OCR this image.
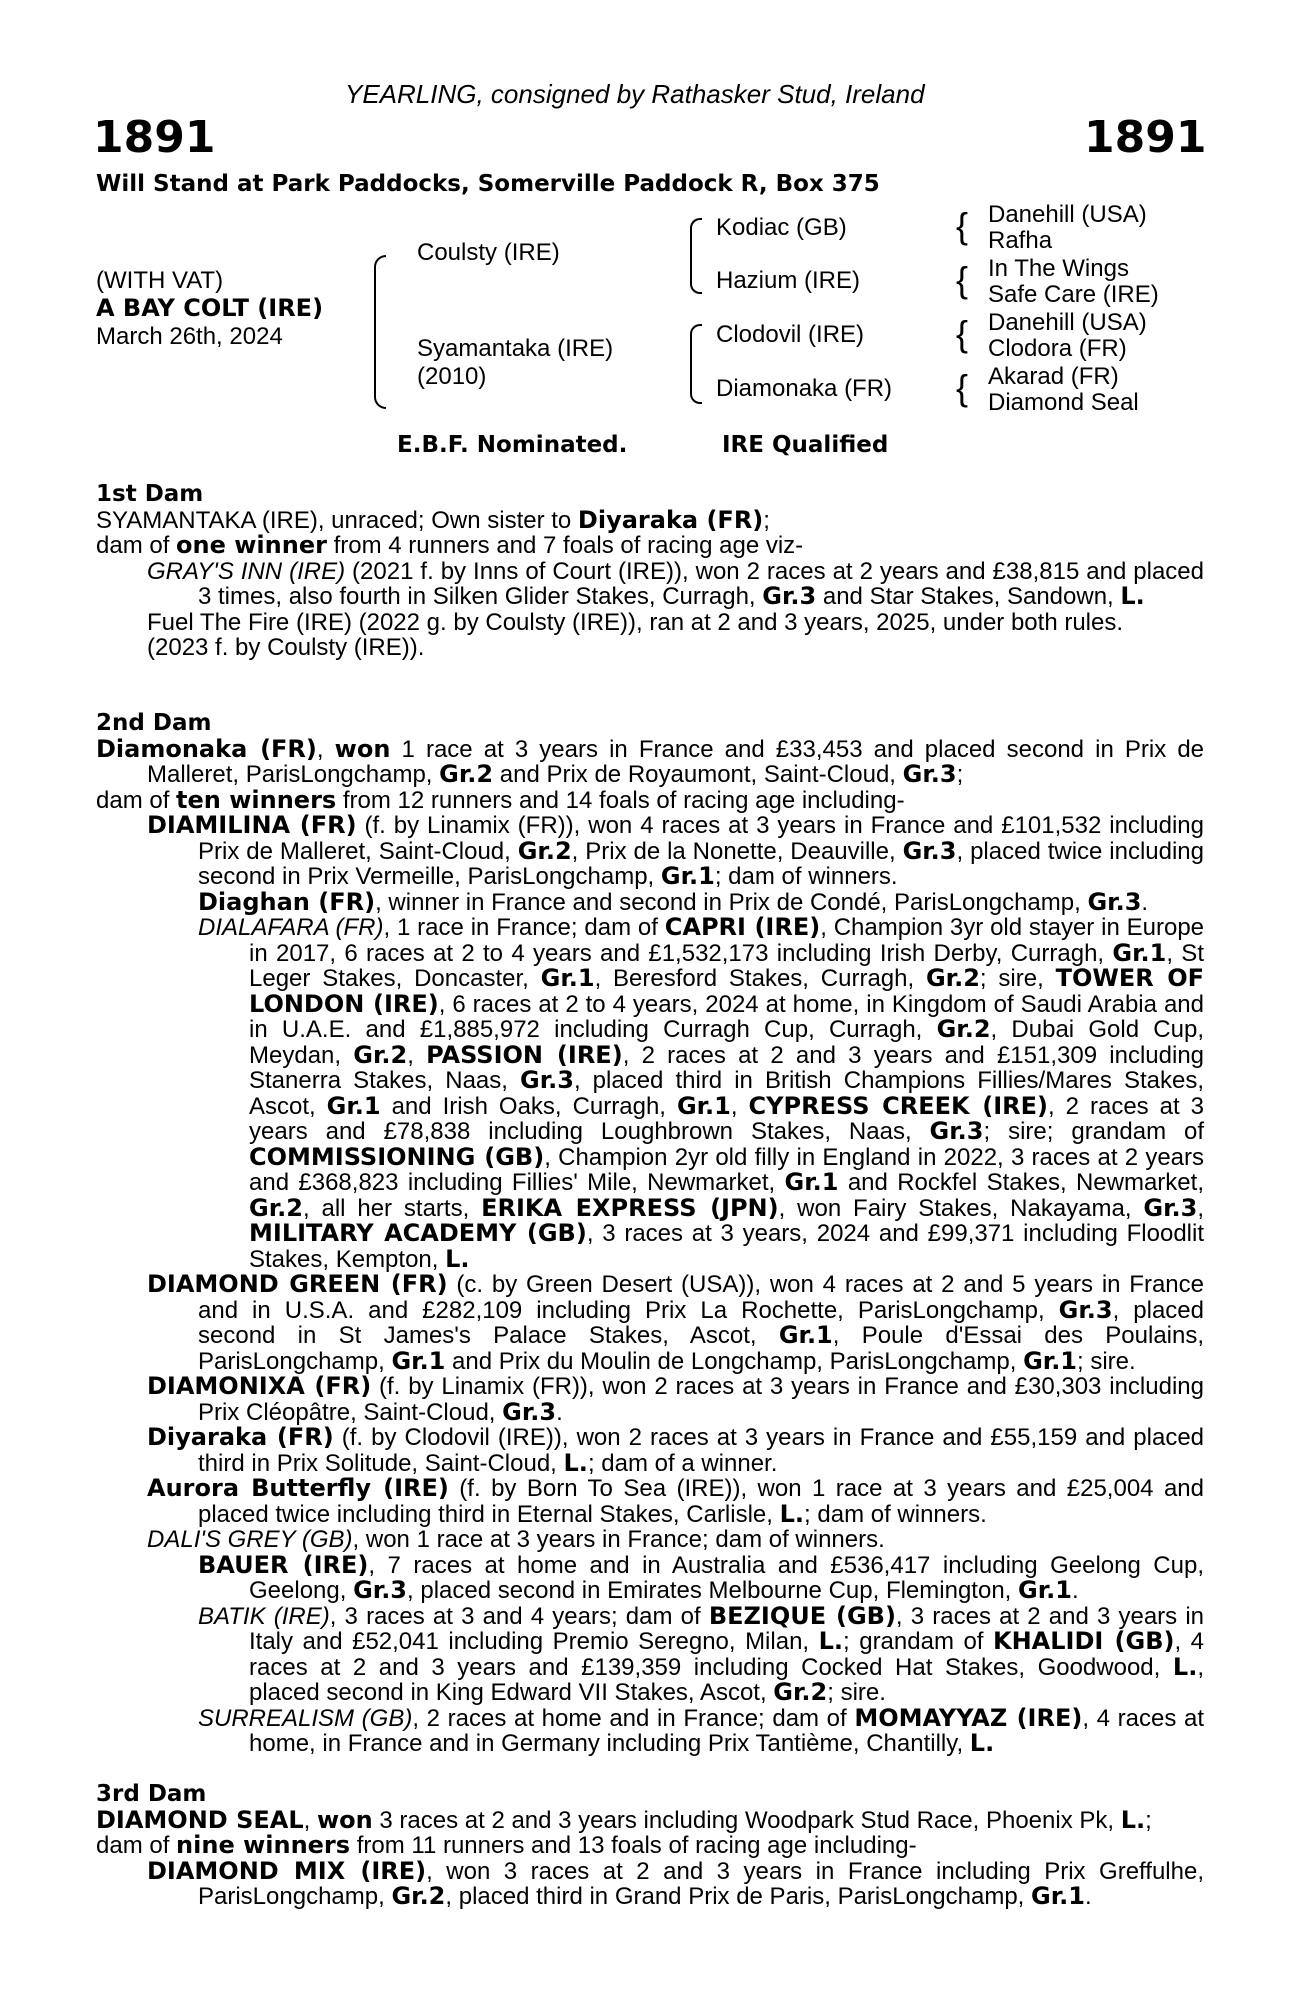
YEARLING, consigned by Rathasker Stud, Ireland
1891	1891
Will Stand at Park Paddocks, Somerville Paddock R, Box 375
(WITH VAT)
A BAY COLT (IRE)
March 26th, 2024
Coulsty (IRE)
Syamantaka (IRE)
(2010)
Kodiac (GB)
Hazium (IRE)
Clodovil (IRE)
Diamonaka (FR)
{ Danehill (USA)
Rafha
{ In The Wings
Safe Care (IRE)
{ Danehill (USA)
Clodora (FR)
{ Akarad (FR)
Diamond Seal
E.B.F. Nominated.	IRE Qualified

1st Dam

SYAMANTAKA (IRE), unraced; Own sister to Diyaraka (FR);

dam of one winner from 4 runners and 7 foals of racing age viz-

GRAY'S INN (IRE) (2021 f. by Inns of Court (IRE)), won 2 races at 2 years and £38,815 and placed 3 times, also fourth in Silken Glider Stakes, Curragh, Gr.3 and Star Stakes, Sandown, L.

Fuel The Fire (IRE) (2022 g. by Coulsty (IRE)), ran at 2 and 3 years, 2025, under both rules.

(2023 f. by Coulsty (IRE)).

2nd Dam

Diamonaka (FR), won 1 race at 3 years in France and £33,453 and placed second in Prix de Malleret, ParisLongchamp, Gr.2 and Prix de Royaumont, Saint-Cloud, Gr.3;

dam of ten winners from 12 runners and 14 foals of racing age including-

DIAMILINA (FR) (f. by Linamix (FR)), won 4 races at 3 years in France and £101,532 including Prix de Malleret, Saint-Cloud, Gr.2, Prix de la Nonette, Deauville, Gr.3, placed twice including second in Prix Vermeille, ParisLongchamp, Gr.1; dam of winners.

Diaghan (FR), winner in France and second in Prix de Condé, ParisLongchamp, Gr.3.

DIALAFARA (FR), 1 race in France; dam of CAPRI (IRE), Champion 3yr old stayer in Europe in 2017, 6 races at 2 to 4 years and £1,532,173 including Irish Derby, Curragh, Gr.1, St Leger Stakes, Doncaster, Gr.1, Beresford Stakes, Curragh, Gr.2; sire, TOWER OF LONDON (IRE), 6 races at 2 to 4 years, 2024 at home, in Kingdom of Saudi Arabia and in U.A.E. and £1,885,972 including Curragh Cup, Curragh, Gr.2, Dubai Gold Cup, Meydan, Gr.2, PASSION (IRE), 2 races at 2 and 3 years and £151,309 including Stanerra Stakes, Naas, Gr.3, placed third in British Champions Fillies/Mares Stakes, Ascot, Gr.1 and Irish Oaks, Curragh, Gr.1, CYPRESS CREEK (IRE), 2 races at 3 years and £78,838 including Loughbrown Stakes, Naas, Gr.3; sire; grandam of COMMISSIONING (GB), Champion 2yr old filly in England in 2022, 3 races at 2 years and £368,823 including Fillies' Mile, Newmarket, Gr.1 and Rockfel Stakes, Newmarket, Gr.2, all her starts, ERIKA EXPRESS (JPN), won Fairy Stakes, Nakayama, Gr.3, MILITARY ACADEMY (GB), 3 races at 3 years, 2024 and £99,371 including Floodlit Stakes, Kempton, L.

DIAMOND GREEN (FR) (c. by Green Desert (USA)), won 4 races at 2 and 5 years in France and in U.S.A. and £282,109 including Prix La Rochette, ParisLongchamp, Gr.3, placed second in St James's Palace Stakes, Ascot, Gr.1, Poule d'Essai des Poulains, ParisLongchamp, Gr.1 and Prix du Moulin de Longchamp, ParisLongchamp, Gr.1; sire.

DIAMONIXA (FR) (f. by Linamix (FR)), won 2 races at 3 years in France and £30,303 including Prix Cléopâtre, Saint-Cloud, Gr.3.

Diyaraka (FR) (f. by Clodovil (IRE)), won 2 races at 3 years in France and £55,159 and placed third in Prix Solitude, Saint-Cloud, L.; dam of a winner.

Aurora Butterfly (IRE) (f. by Born To Sea (IRE)), won 1 race at 3 years and £25,004 and placed twice including third in Eternal Stakes, Carlisle, L.; dam of winners.

DALI'S GREY (GB), won 1 race at 3 years in France; dam of winners.

BAUER (IRE), 7 races at home and in Australia and £536,417 including Geelong Cup, Geelong, Gr.3, placed second in Emirates Melbourne Cup, Flemington, Gr.1.

BATIK (IRE), 3 races at 3 and 4 years; dam of BEZIQUE (GB), 3 races at 2 and 3 years in Italy and £52,041 including Premio Seregno, Milan, L.; grandam of KHALIDI (GB), 4 races at 2 and 3 years and £139,359 including Cocked Hat Stakes, Goodwood, L., placed second in King Edward VII Stakes, Ascot, Gr.2; sire.

SURREALISM (GB), 2 races at home and in France; dam of MOMAYYAZ (IRE), 4 races at home, in France and in Germany including Prix Tantième, Chantilly, L.

3rd Dam

DIAMOND SEAL, won 3 races at 2 and 3 years including Woodpark Stud Race, Phoenix Pk, L.;

dam of nine winners from 11 runners and 13 foals of racing age including-

DIAMOND MIX (IRE), won 3 races at 2 and 3 years in France including Prix Greffulhe, ParisLongchamp, Gr.2, placed third in Grand Prix de Paris, ParisLongchamp, Gr.1.
